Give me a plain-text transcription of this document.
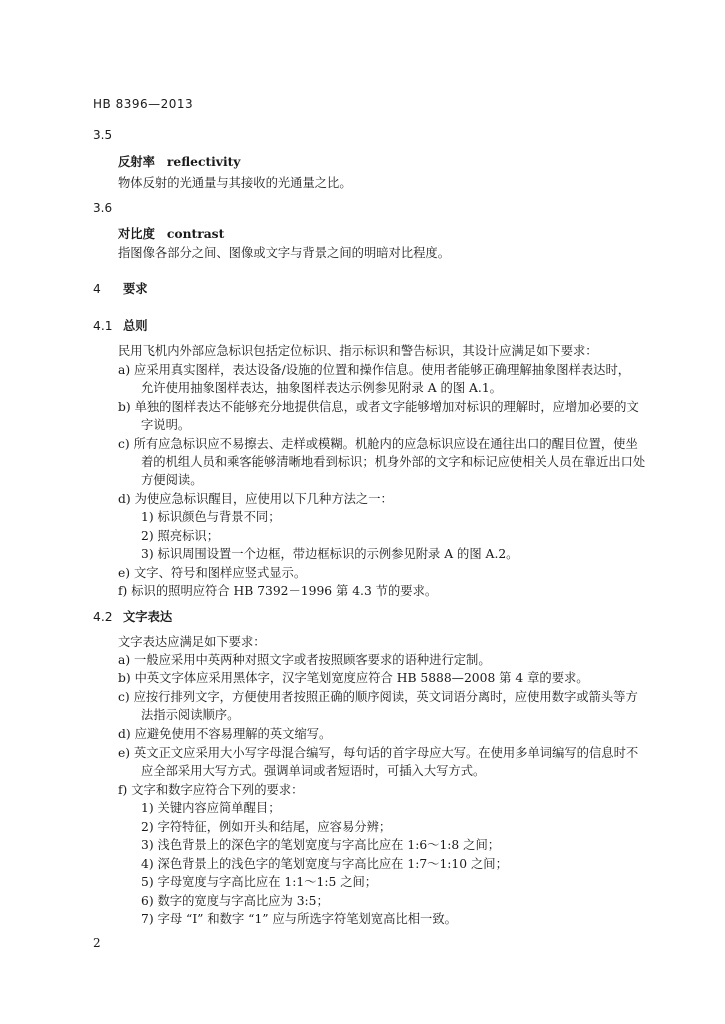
HB 8396—2013
3.5
反射率 reflectivity
物体反射的光通量与其接收的光通量之比。
3.6
对比度 contrast
指图像各部分之间、图像或文字与背景之间的明暗对比程度。
4 要求
4.1 总则
民用飞机内外部应急标识包括定位标识、指示标识和警告标识，其设计应满足如下要求：
a) 应采用真实图样，表达设备/设施的位置和操作信息。使用者能够正确理解抽象图样表达时，
允许使用抽象图样表达，抽象图样表达示例参见附录 A 的图 A.1。
b) 单独的图样表达不能够充分地提供信息，或者文字能够增加对标识的理解时，应增加必要的文
字说明。
c) 所有应急标识应不易擦去、走样或模糊。机舱内的应急标识应设在通往出口的醒目位置，使坐
着的机组人员和乘客能够清晰地看到标识；机身外部的文字和标记应使相关人员在靠近出口处
方便阅读。
d) 为使应急标识醒目，应使用以下几种方法之一：
1) 标识颜色与背景不同；
2) 照亮标识；
3) 标识周围设置一个边框，带边框标识的示例参见附录 A 的图 A.2。
e) 文字、符号和图样应竖式显示。
f) 标识的照明应符合 HB 7392－1996 第 4.3 节的要求。
4.2 文字表达
文字表达应满足如下要求：
a) 一般应采用中英两种对照文字或者按照顾客要求的语种进行定制。
b) 中英文字体应采用黑体字，汉字笔划宽度应符合 HB 5888—2008 第 4 章的要求。
c) 应按行排列文字，方便使用者按照正确的顺序阅读，英文词语分离时，应使用数字或箭头等方
法指示阅读顺序。
d) 应避免使用不容易理解的英文缩写。
e) 英文正文应采用大小写字母混合编写，每句话的首字母应大写。在使用多单词编写的信息时不
应全部采用大写方式。强调单词或者短语时，可插入大写方式。
f) 文字和数字应符合下列的要求：
1) 关键内容应简单醒目；
2) 字符特征，例如开头和结尾，应容易分辨；
3) 浅色背景上的深色字的笔划宽度与字高比应在 1:6～1:8 之间；
4) 深色背景上的浅色字的笔划宽度与字高比应在 1:7～1:10 之间；
5) 字母宽度与字高比应在 1:1～1:5 之间；
6) 数字的宽度与字高比应为 3:5；
7) 字母 “I” 和数字 “1” 应与所选字符笔划宽高比相一致。
2
